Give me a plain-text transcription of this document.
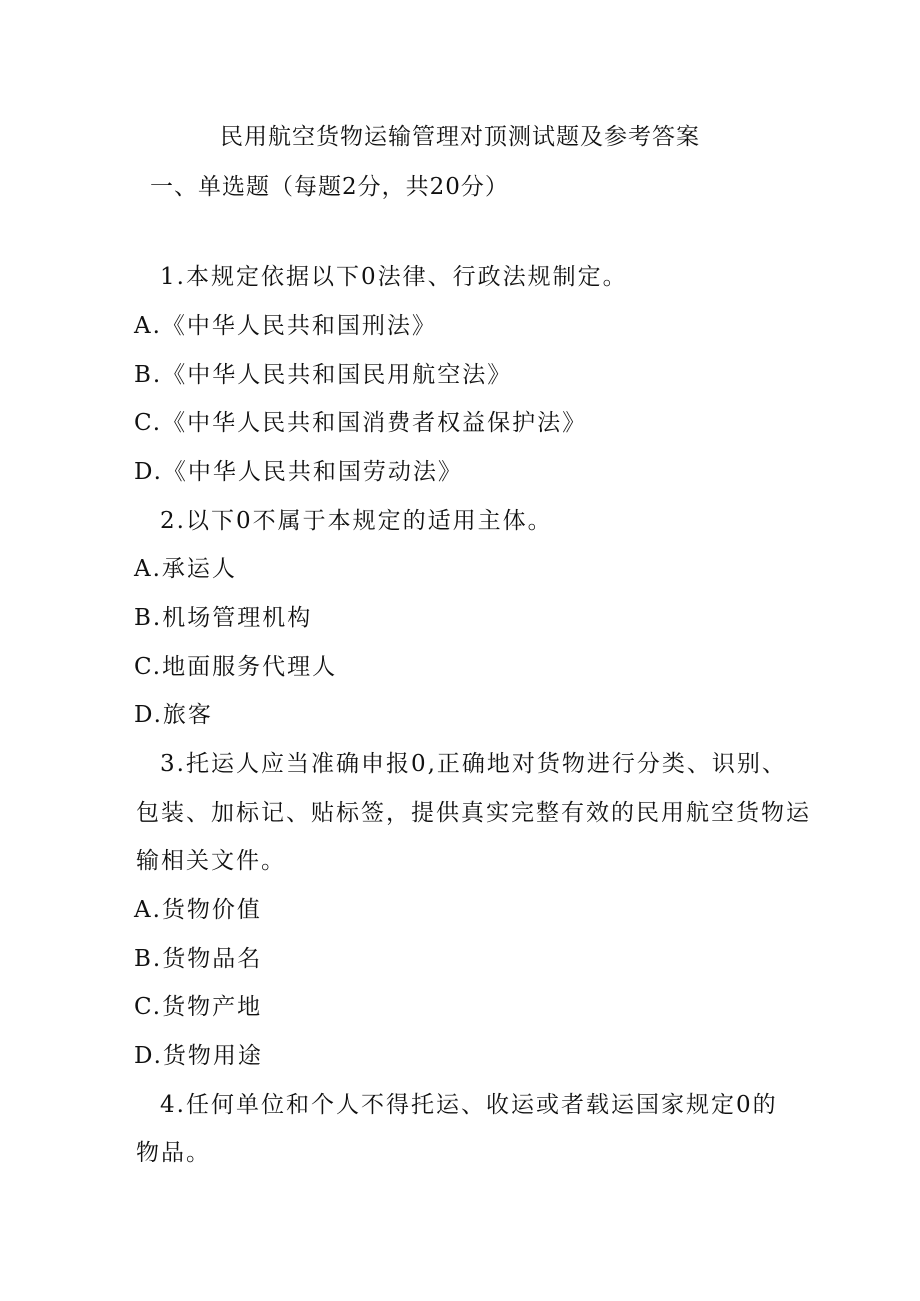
民用航空货物运输管理对顶测试题及参考答案
一、单选题（每题2分，共20分）
1.本规定依据以下0法律、行政法规制定。
A.《中华人民共和国刑法》
B.《中华人民共和国民用航空法》
C.《中华人民共和国消费者权益保护法》
D.《中华人民共和国劳动法》
2.以下0不属于本规定的适用主体。
A.承运人
B.机场管理机构
C.地面服务代理人
D.旅客
3.托运人应当准确申报0,正确地对货物进行分类、识别、
包装、加标记、贴标签，提供真实完整有效的民用航空货物运
输相关文件。
A.货物价值
B.货物品名
C.货物产地
D.货物用途
4.任何单位和个人不得托运、收运或者载运国家规定0的
物品。
